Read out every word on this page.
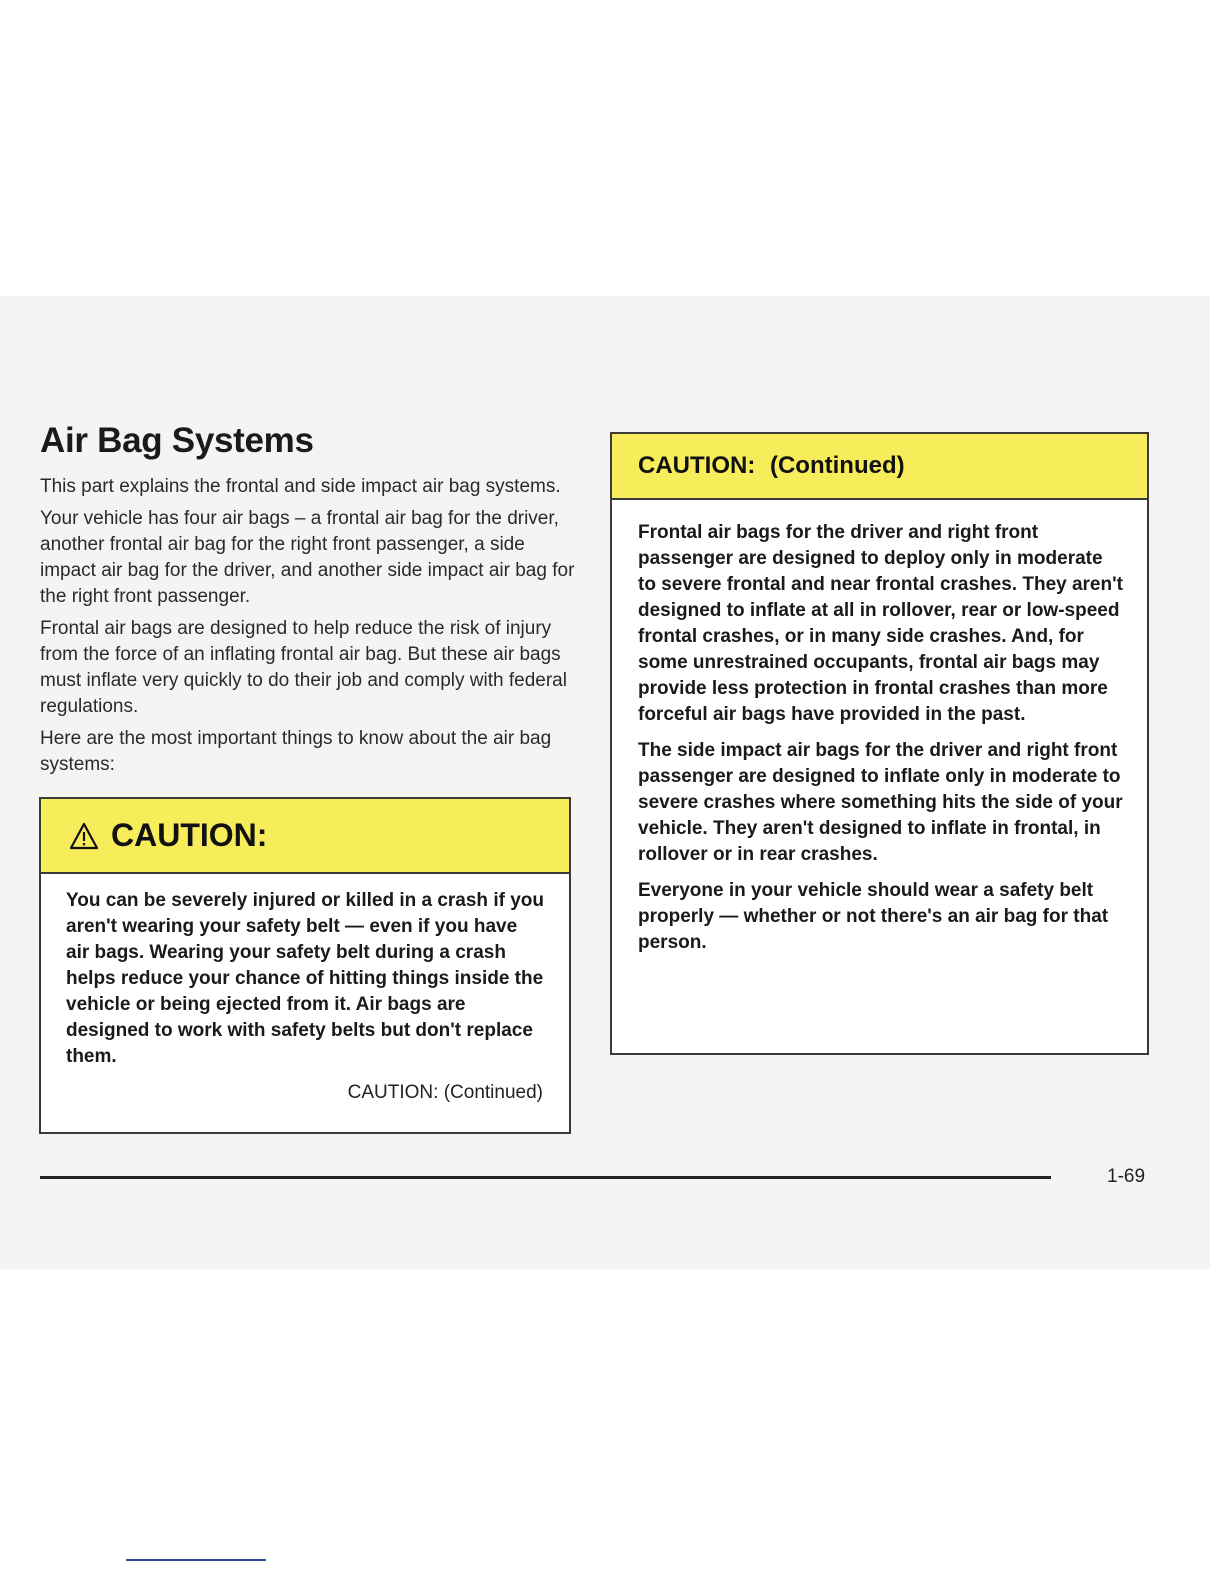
Air Bag Systems

This part explains the frontal and side impact air bag systems.

Your vehicle has four air bags – a frontal air bag for the driver, another frontal air bag for the right front passenger, a side impact air bag for the driver, and another side impact air bag for the right front passenger.

Frontal air bags are designed to help reduce the risk of injury from the force of an inflating frontal air bag. But these air bags must inflate very quickly to do their job and comply with federal regulations.

Here are the most important things to know about the air bag systems:

CAUTION:

You can be severely injured or killed in a crash if you aren't wearing your safety belt — even if you have air bags. Wearing your safety belt during a crash helps reduce your chance of hitting things inside the vehicle or being ejected from it. Air bags are designed to work with safety belts but don't replace them.

CAUTION: (Continued)
CAUTION: (Continued)

Frontal air bags for the driver and right front passenger are designed to deploy only in moderate to severe frontal and near frontal crashes. They aren't designed to inflate at all in rollover, rear or low-speed frontal crashes, or in many side crashes. And, for some unrestrained occupants, frontal air bags may provide less protection in frontal crashes than more forceful air bags have provided in the past.

The side impact air bags for the driver and right front passenger are designed to inflate only in moderate to severe crashes where something hits the side of your vehicle. They aren't designed to inflate in frontal, in rollover or in rear crashes.

Everyone in your vehicle should wear a safety belt properly — whether or not there's an air bag for that person.

1-69
